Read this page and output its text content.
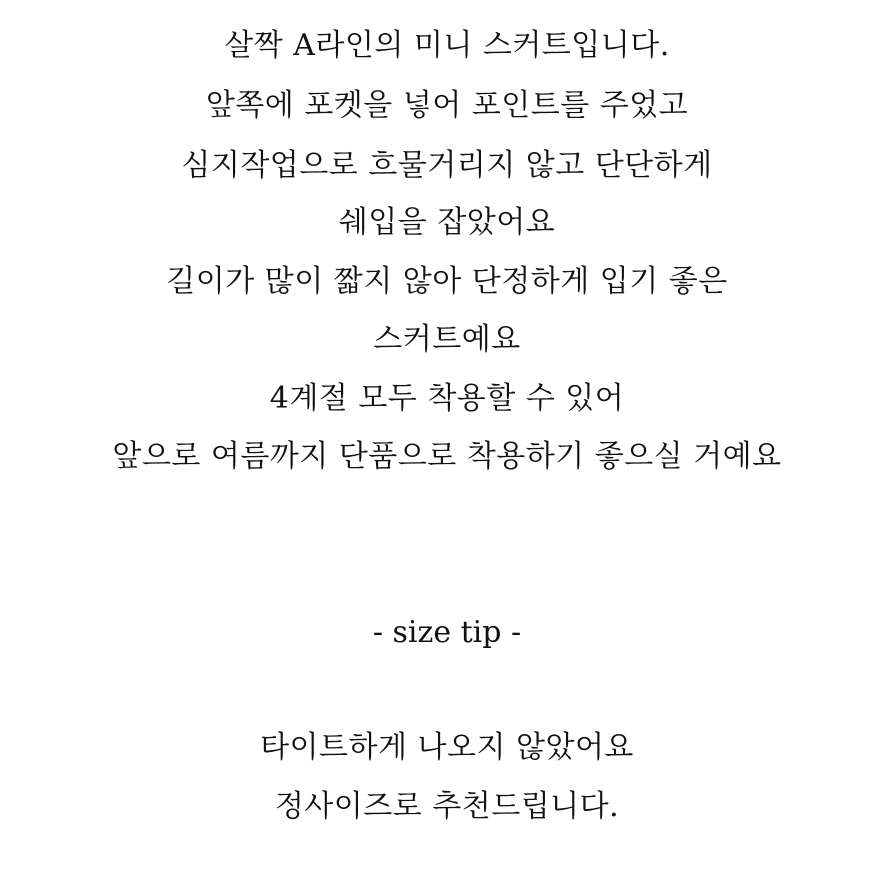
살짝 A라인의 미니 스커트입니다.
앞쪽에 포켓을 넣어 포인트를 주었고
심지작업으로 흐물거리지 않고 단단하게
쉐입을 잡았어요
길이가 많이 짧지 않아 단정하게 입기 좋은
스커트예요
4계절 모두 착용할 수 있어
앞으로 여름까지 단품으로 착용하기 좋으실 거예요
- size tip -
타이트하게 나오지 않았어요
정사이즈로 추천드립니다.
